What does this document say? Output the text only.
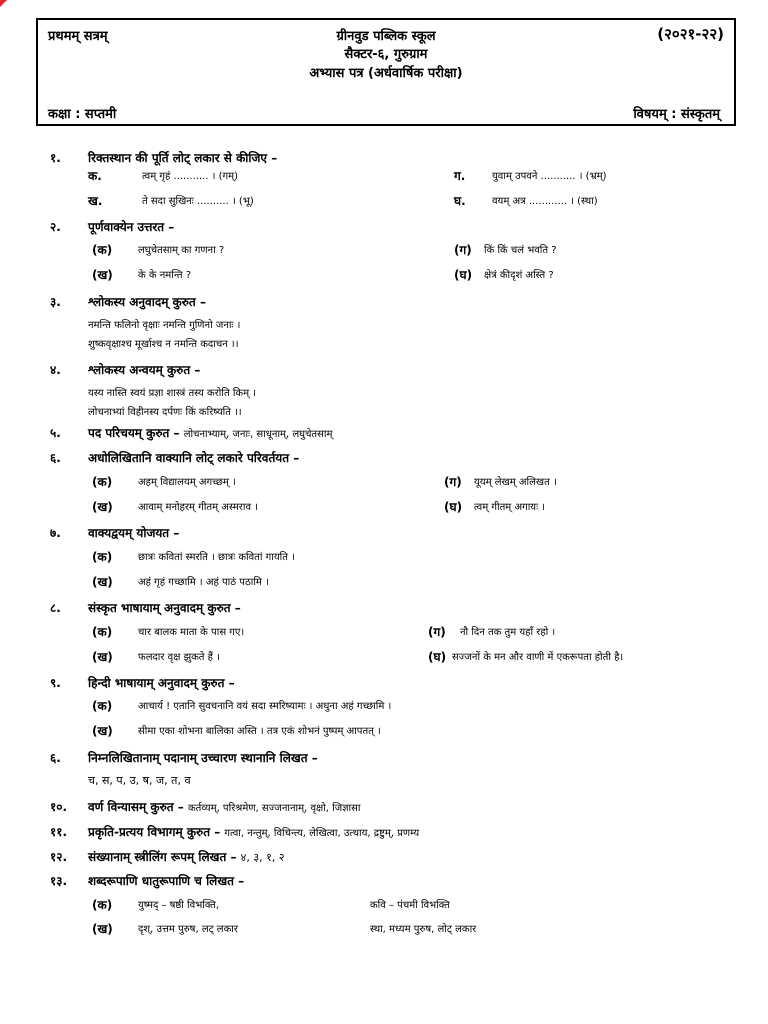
प्रथमम् सत्रम्	ग्रीनवुड पब्लिक स्कूल	(२०२१-२२)
सैक्टर-६, गुरुग्राम
अभ्यास पत्र (अर्धवार्षिक परीक्षा)
कक्षा : सप्तमी	विषयम् : संस्कृतम्
१. रिक्तस्थान की पूर्ति लोट् लकार से कीजिए –
क.	त्वम् गृहं ........... । (गम्)	ग.	युवाम् उपवने ........... । (भ्रम्)
ख.	ते सदा सुखिनः .......... । (भू)	घ.	वयम् अत्र ............ । (स्था)
२. पूर्णवाक्येन उत्तरत –
(क)	लघुचेतसाम् का गणना ?	(ग) किं किं चलं भवति ?
(ख)	के के नमन्ति ?	(घ) क्षेत्रं कीदृशं अस्ति ?
३. श्लोकस्य अनुवादम् कुरुत –
नमन्ति फलिनो वृक्षाः नमन्ति गुणिनो जनाः ।
शुष्कवृक्षाश्च मूर्खाश्च न नमन्ति कदाचन ।।
४. श्लोकस्य अन्वयम् कुरुत –
यस्य नास्ति स्वयं प्रज्ञा शास्त्रं तस्य करोति किम् ।
लोचनाभ्यां विहीनस्य दर्पणः किं करिष्यति ।।
५. पद परिचयम् कुरुत – लोचनाभ्याम्, जनाः, साधूनाम्, लघुचेतसाम्
६. अधोलिखितानि वाक्यानि लोट् लकारे परिवर्तयत –
(क)	अहम् विद्यालयम् अगच्छम् ।	(ग) यूयम् लेखम् अलिखत ।
(ख)	आवाम् मनोहरम् गीतम् अस्मराव ।	(घ) त्वम् गीतम् अगायः ।
७. वाक्यद्वयम् योजयत –
(क)	छात्रः कवितां स्मरति । छात्रः कवितां गायति ।
(ख)	अहं गृहं गच्छामि । अहं पाठं पठामि ।
८. संस्कृत भाषायाम् अनुवादम् कुरुत –
(क)	चार बालक माता के पास गए।	(ग) नौ दिन तक तुम यहाँ रहो ।
(ख)	फलदार वृक्ष झुकते हैं ।	(घ) सज्जनों के मन और वाणी में एकरूपता होती है।
९. हिन्दी भाषायाम् अनुवादम् कुरुत –
(क)	आचार्य ! एतानि सुवचनानि वयं सदा स्मरिष्यामः । अधुना अहं गच्छामि ।
(ख)	सीमा एका शोभना बालिका अस्ति । तत्र एकं शोभनं पुष्पम् आपतत् ।
६. निम्नलिखितानाम् पदानाम् उच्चारण स्थानानि लिखत –
च, स, प, उ, ष, ज, त, व
१०. वर्ण विन्यासम् कुरुत – कर्तव्यम्, परिश्रमेण, सज्जनानाम्, वृक्षो, जिज्ञासा
११. प्रकृति-प्रत्यय विभागम् कुरुत – गत्वा, नन्तुम्, विचिन्त्य, लेखित्वा, उत्थाय, द्रष्टुम्, प्रणम्य
१२. संख्यानाम् स्त्रीलिंग रूपम् लिखत – ४, ३, १, २
१३. शब्दरूपाणि धातुरूपाणि च लिखत –
(क)	युष्मद् – षष्ठी विभक्ति,	कवि – पंचमी विभक्ति
(ख)	दृश्, उत्तम पुरुष, लट् लकार	स्था, मध्यम पुरुष, लोट् लकार
